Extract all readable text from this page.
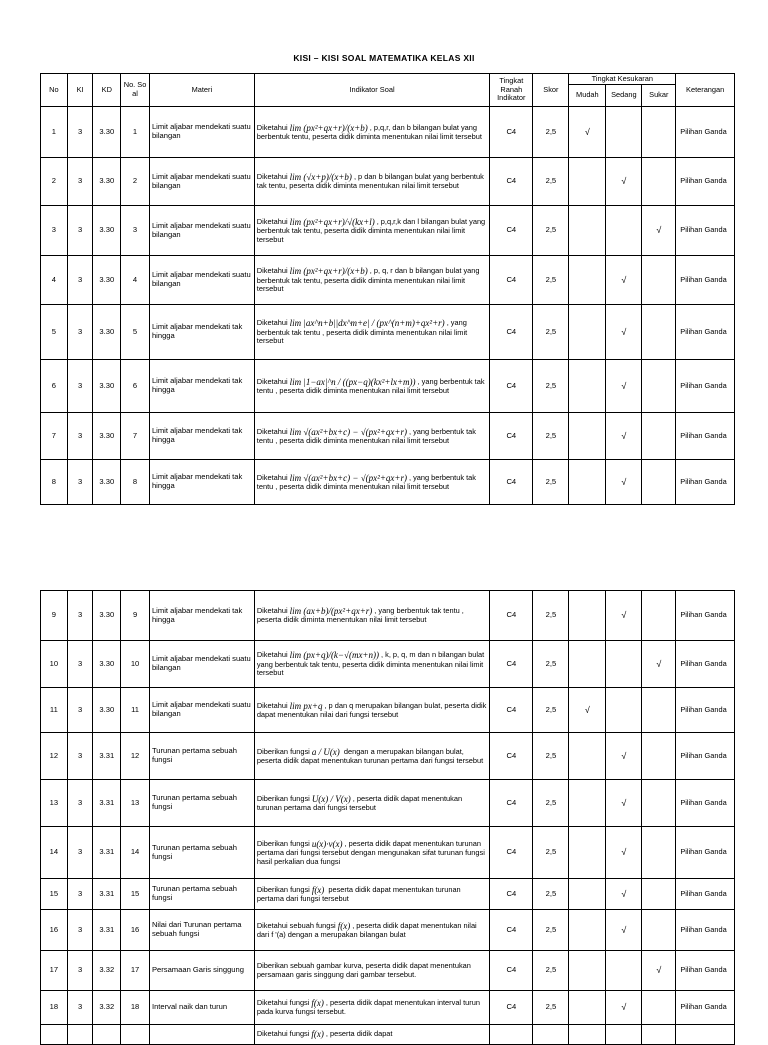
KISI – KISI SOAL MATEMATIKA KELAS XII
No	KI	KD	No. So al	Materi	Indikator Soal	Tingkat Ranah Indikator	Skor	Tingkat Kesukaran			Keterangan
								Mudah	Sedang	Sukar	
1	3	3.30	1	Limit aljabar mendekati suatu bilangan	Diketahui lim (px²+qx+r)/(x+b) , p,q,r, dan b bilangan bulat yang berbentuk tentu, peserta didik diminta menentukan nilai limit tersebut	C4	2,5	√			Pilihan Ganda
2	3	3.30	2	Limit aljabar mendekati suatu bilangan	Diketahui lim (√x+p)/(x+b) , p dan b bilangan bulat yang berbentuk tak tentu, peserta didik diminta menentukan nilai limit tersebut	C4	2,5		√		Pilihan Ganda
3	3	3.30	3	Limit aljabar mendekati suatu bilangan	Diketahui lim (px²+qx+r)/√(kx+l) , p,q,r,k dan l bilangan bulat yang berbentuk tak tentu, peserta didik diminta menentukan nilai limit tersebut	C4	2,5			√	Pilihan Ganda
4	3	3.30	4	Limit aljabar mendekati suatu bilangan	Diketahui lim (px²+qx+r)/(x+b) , p, q, r dan b bilangan bulat yang berbentuk tak tentu, peserta didik diminta menentukan nilai limit tersebut	C4	2,5		√		Pilihan Ganda
5	3	3.30	5	Limit aljabar mendekati tak hingga	Diketahui lim |ax^n+b||dx^m+e| / (px^(n+m)+qx²+r) , yang berbentuk tak tentu , peserta didik diminta menentukan nilai limit tersebut	C4	2,5		√		Pilihan Ganda
6	3	3.30	6	Limit aljabar mendekati tak hingga	Diketahui lim |1−ax|^n / ((px−q)(kx²+lx+m)) , yang berbentuk tak tentu , peserta didik diminta menentukan nilai limit tersebut	C4	2,5		√		Pilihan Ganda
7	3	3.30	7	Limit aljabar mendekati tak hingga	Diketahui lim √(ax²+bx+c) − √(px²+qx+r) , yang berbentuk tak tentu , peserta didik diminta menentukan nilai limit tersebut	C4	2,5		√		Pilihan Ganda
8	3	3.30	8	Limit aljabar mendekati tak hingga	Diketahui lim √(ax²+bx+c) − √(px²+qx+r) , yang berbentuk tak tentu , peserta didik diminta menentukan nilai limit tersebut	C4	2,5		√		Pilihan Ganda
9	3	3.30	9	Limit aljabar mendekati tak hingga	Diketahui lim (ax+b)/(px²+qx+r) , yang berbentuk tak tentu , peserta didik diminta menentukan nilai limit tersebut	C4	2,5		√		Pilihan Ganda
10	3	3.30	10	Limit aljabar mendekati suatu bilangan	Diketahui lim (px+q)/(k−√(mx+n)) , k, p, q, m dan n bilangan bulat yang berbentuk tak tentu, peserta didik diminta menentukan nilai limit tersebut	C4	2,5			√	Pilihan Ganda
11	3	3.30	11	Limit aljabar mendekati suatu bilangan	Diketahui lim px+q , p dan q merupakan bilangan bulat, peserta didik dapat menentukan nilai dari fungsi tersebut	C4	2,5	√			Pilihan Ganda
12	3	3.31	12	Turunan pertama sebuah fungsi	Diberikan fungsi a / U(x) dengan a merupakan bilangan bulat, peserta didik dapat menentukan turunan pertama dari fungsi tersebut	C4	2,5		√		Pilihan Ganda
13	3	3.31	13	Turunan pertama sebuah fungsi	Diberikan fungsi U(x) / V(x) , peserta didik dapat menentukan turunan pertama dari fungsi tersebut	C4	2,5		√		Pilihan Ganda
14	3	3.31	14	Turunan pertama sebuah fungsi	Diberikan fungsi u(x)·v(x) , peserta didik dapat menentukan turunan pertama dari fungsi tersebut dengan mengunakan sifat turunan fungsi hasil perkalian dua fungsi	C4	2,5		√		Pilihan Ganda
15	3	3.31	15	Turunan pertama sebuah fungsi	Diberikan fungsi f(x) peserta didik dapat menentukan turunan pertama dari fungsi tersebut	C4	2,5		√		Pilihan Ganda
16	3	3.31	16	Nilai dari Turunan pertama sebuah fungsi	Diketahui sebuah fungsi f(x) , peserta didik dapat menentukan nilai dari f '(a) dengan a merupakan bilangan bulat	C4	2,5		√		Pilihan Ganda
17	3	3.32	17	Persamaan Garis singgung	Diberikan sebuah gambar kurva, peserta didik dapat menentukan persamaan garis singgung dari gambar tersebut.	C4	2,5			√	Pilihan Ganda
18	3	3.32	18	Interval naik dan turun	Diketahui fungsi f(x) , peserta didik dapat menentukan interval turun pada kurva fungsi tersebut.	C4	2,5		√		Pilihan Ganda
					Diketahui fungsi f(x) , peserta didik dapat						
